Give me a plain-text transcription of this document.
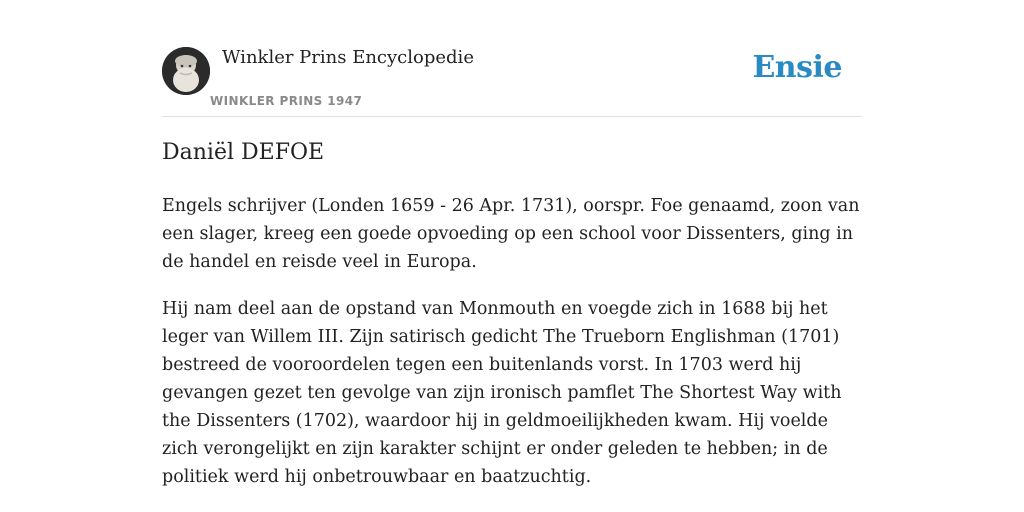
Winkler Prins Encyclopedie
WINKLER PRINS 1947
Ensie
Daniël DEFOE

Engels schrijver (Londen 1659 - 26 Apr. 1731), oorspr. Foe genaamd, zoon van een slager, kreeg een goede opvoeding op een school voor Dissenters, ging in de handel en reisde veel in Europa.

Hij nam deel aan de opstand van Monmouth en voegde zich in 1688 bij het leger van Willem III. Zijn satirisch gedicht The Trueborn Englishman (1701) bestreed de vooroordelen tegen een buitenlands vorst. In 1703 werd hij gevangen gezet ten gevolge van zijn ironisch pamflet The Shortest Way with the Dissenters (1702), waardoor hij in geldmoeilijkheden kwam. Hij voelde zich verongelijkt en zijn karakter schijnt er onder geleden te hebben; in de politiek werd hij onbetrouwbaar en baatzuchtig.
